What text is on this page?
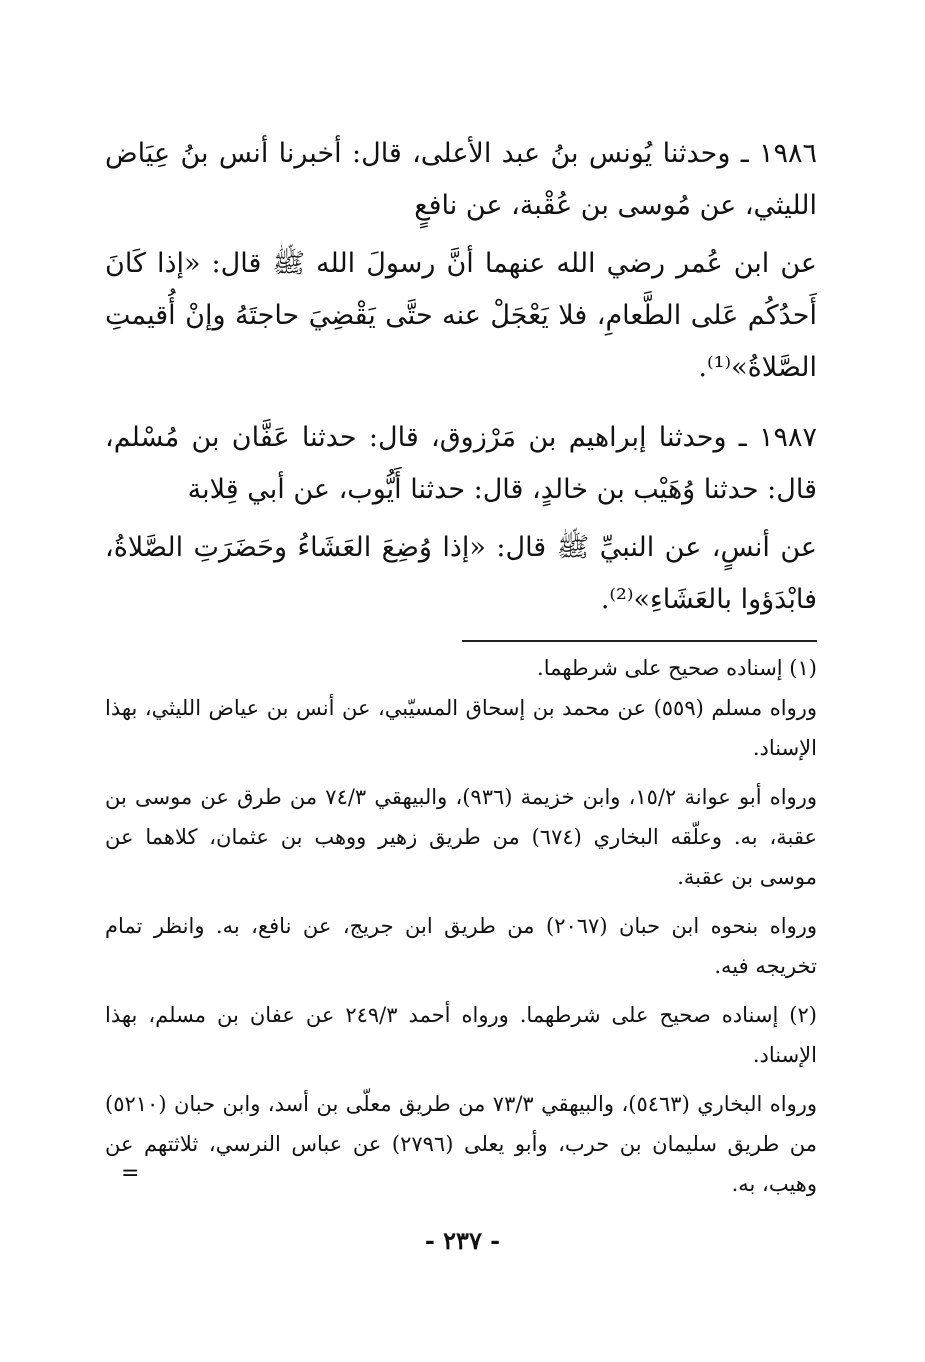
١٩٨٦ ـ وحدثنا يُونس بنُ عبد الأعلى، قال: أخبرنا أنس بنُ عِيَاض الليثي، عن مُوسى بن عُقْبة، عن نافعٍ

عن ابن عُمر رضي الله عنهما أنَّ رسولَ الله ﷺ قال: «إذا كَانَ أَحدُكُم عَلى الطَّعامِ، فلا يَعْجَلْ عنه حتَّى يَقْضِيَ حاجتَهُ وإنْ أُقيمتِ الصَّلاةُ»⁽¹⁾.

١٩٨٧ ـ وحدثنا إبراهيم بن مَرْزوق، قال: حدثنا عَفَّان بن مُسْلم، قال: حدثنا وُهَيْب بن خالدٍ، قال: حدثنا أَيُّوب، عن أبي قِلابة

عن أنسٍ، عن النبيِّ ﷺ قال: «إذا وُضِعَ العَشَاءُ وحَضَرَتِ الصَّلاةُ، فابْدَؤوا بالعَشَاءِ»⁽²⁾.

(١) إسناده صحيح على شرطهما.

ورواه مسلم (٥٥٩) عن محمد بن إسحاق المسيّبي، عن أنس بن عياض الليثي، بهذا الإسناد.

ورواه أبو عوانة ١٥/٢، وابن خزيمة (٩٣٦)، والبيهقي ٧٤/٣ من طرق عن موسى بن عقبة، به. وعلّقه البخاري (٦٧٤) من طريق زهير ووهب بن عثمان، كلاهما عن موسى بن عقبة.

ورواه بنحوه ابن حبان (٢٠٦٧) من طريق ابن جريج، عن نافع، به. وانظر تمام تخريجه فيه.

(٢) إسناده صحيح على شرطهما. ورواه أحمد ٢٤٩/٣ عن عفان بن مسلم، بهذا الإسناد.

ورواه البخاري (٥٤٦٣)، والبيهقي ٧٣/٣ من طريق معلّى بن أسد، وابن حبان (٥٢١٠) من طريق سليمان بن حرب، وأبو يعلى (٢٧٩٦) عن عباس النرسي، ثلاثتهم عن وهيب، به.

=
- ٢٣٧ -
